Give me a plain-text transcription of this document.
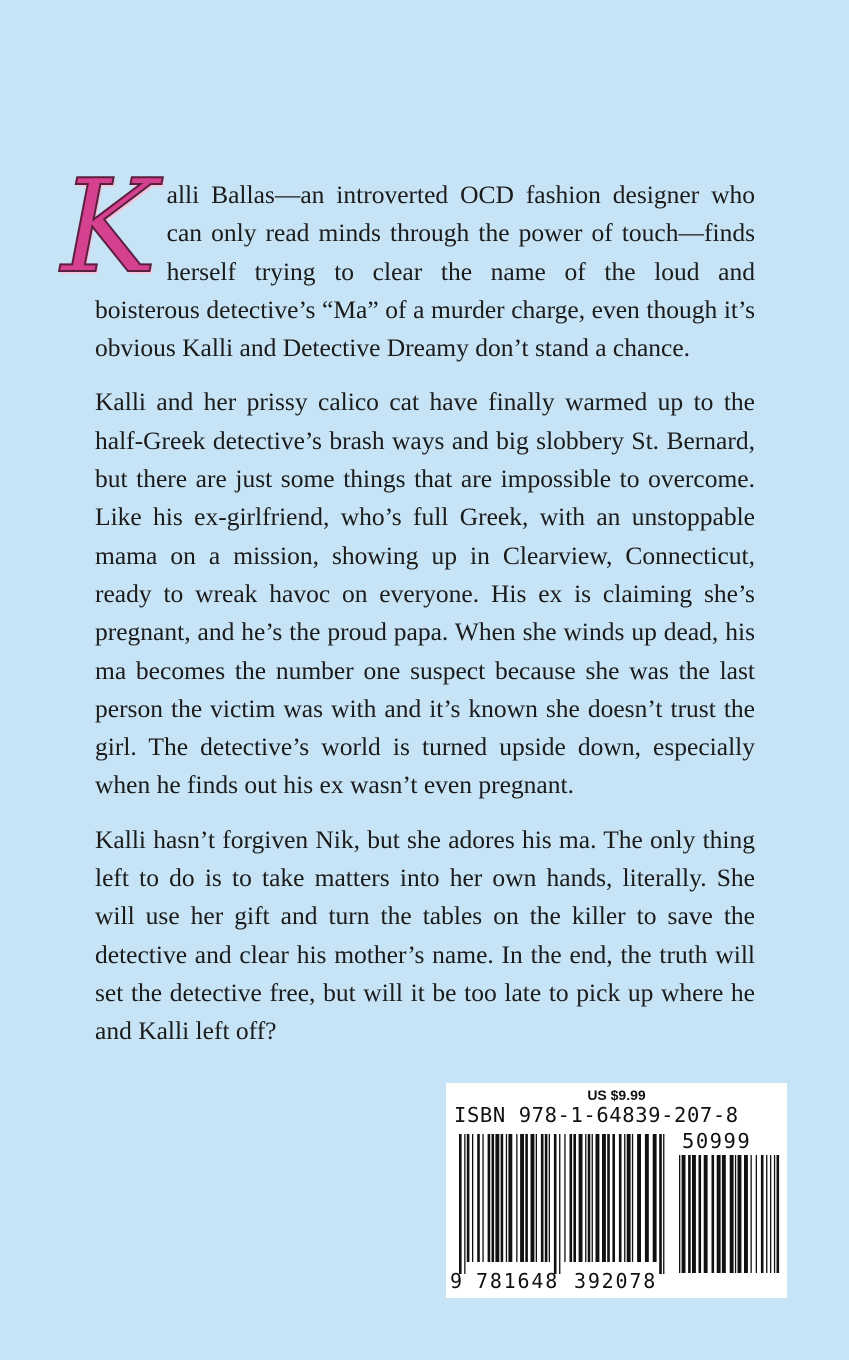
Kalli Ballas—an introverted OCD fashion designer who can only read minds through the power of touch—finds herself trying to clear the name of the loud and boisterous detective’s “Ma” of a murder charge, even though it’s obvious Kalli and Detective Dreamy don’t stand a chance.

Kalli and her prissy calico cat have finally warmed up to the half-Greek detective’s brash ways and big slobbery St. Bernard, but there are just some things that are impossible to overcome. Like his ex-girlfriend, who’s full Greek, with an unstoppable mama on a mission, showing up in Clearview, Connecticut, ready to wreak havoc on everyone. His ex is claiming she’s pregnant, and he’s the proud papa. When she winds up dead, his ma becomes the number one suspect because she was the last person the victim was with and it’s known she doesn’t trust the girl. The detective’s world is turned upside down, especially when he finds out his ex wasn’t even pregnant.

Kalli hasn’t forgiven Nik, but she adores his ma. The only thing left to do is to take matters into her own hands, literally. She will use her gift and turn the tables on the killer to save the detective and clear his mother’s name. In the end, the truth will set the detective free, but will it be too late to pick up where he and Kalli left off?

US $9.99
ISBN 978-1-64839-207-8
50999
9 781648 392078
